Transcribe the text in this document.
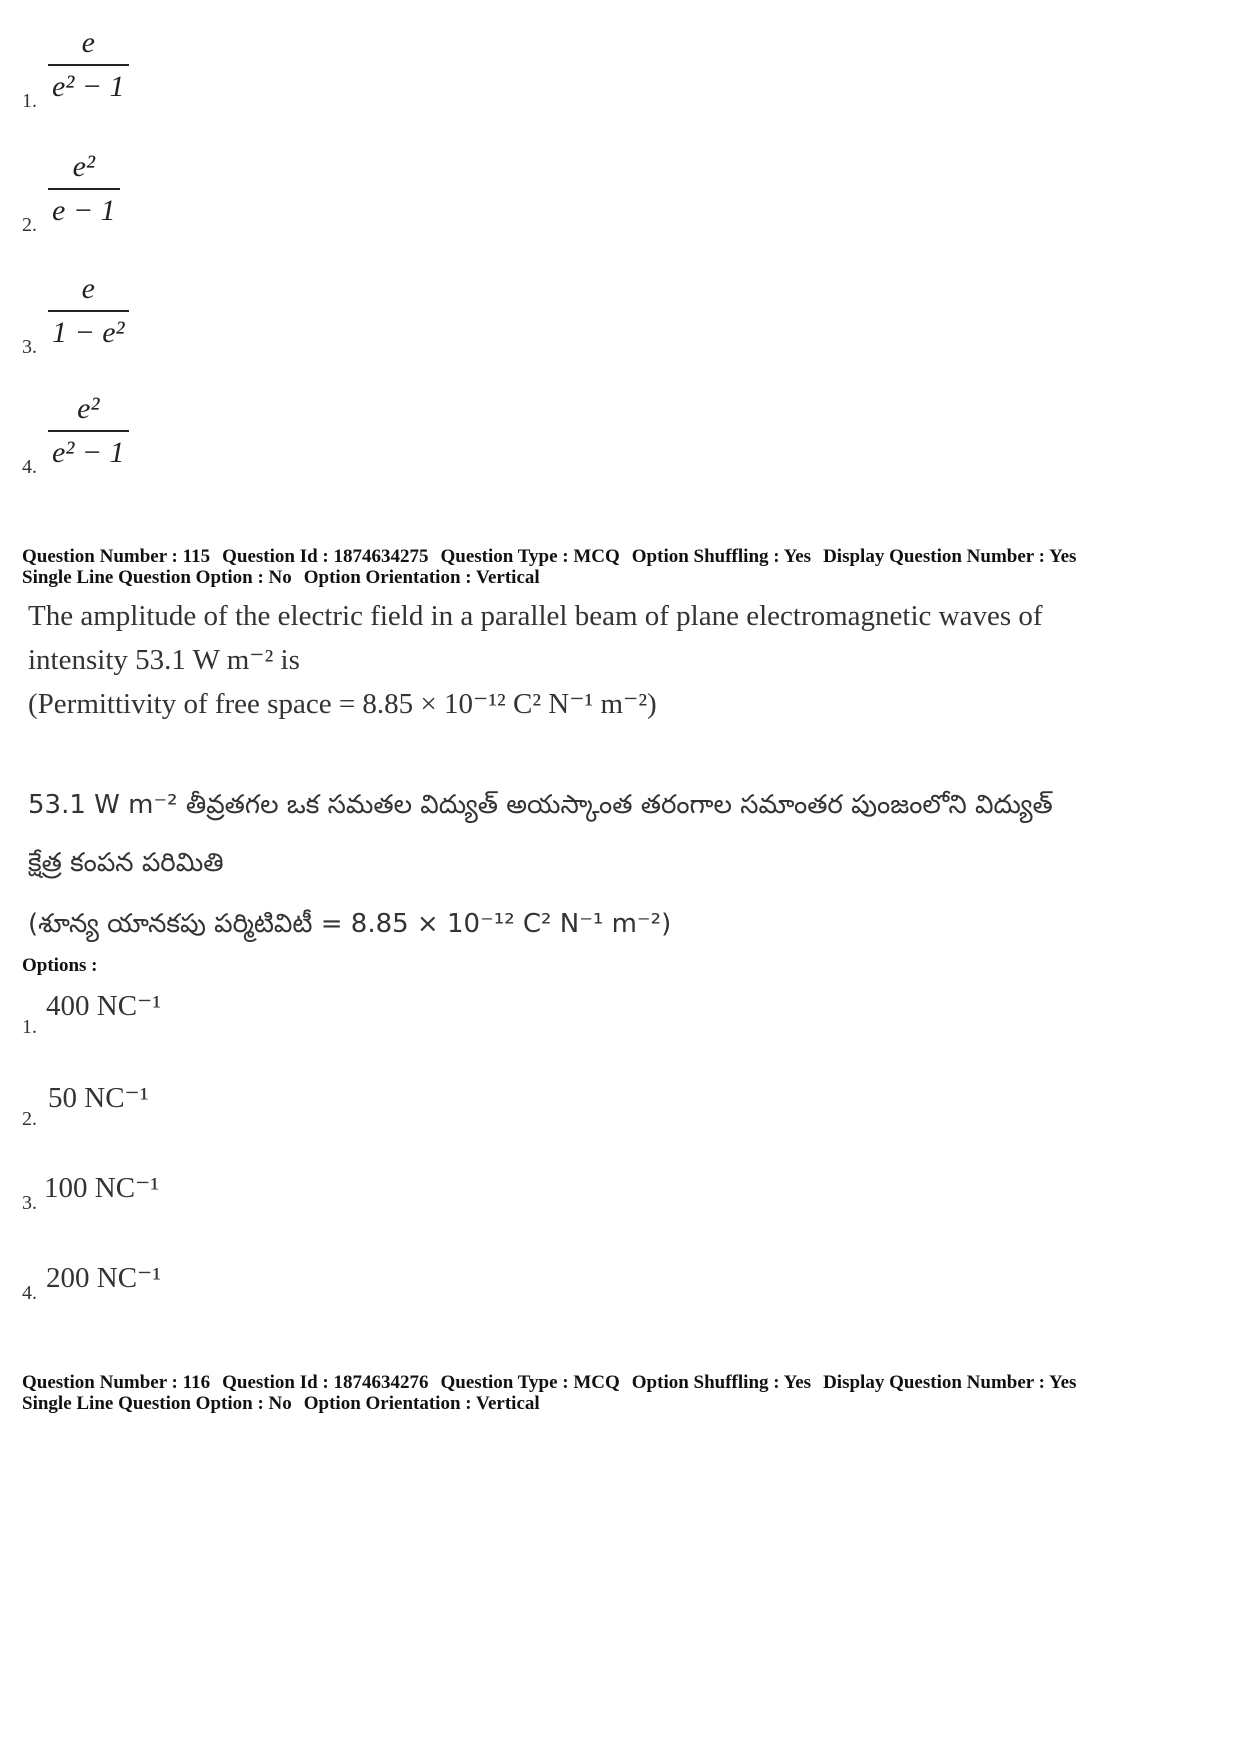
1.
e
e² − 1
2.
e²
e − 1
3.
e
1 − e²
4.
e²
e² − 1
Question Number : 115 Question Id : 1874634275 Question Type : MCQ Option Shuffling : Yes Display Question Number : Yes
Single Line Question Option : No Option Orientation : Vertical
The amplitude of the electric field in a parallel beam of plane electromagnetic waves of
intensity 53.1 W m⁻² is
(Permittivity of free space = 8.85 × 10⁻¹² C² N⁻¹ m⁻²)
53.1 W m⁻² తీవ్రతగల ఒక సమతల విద్యుత్ అయస్కాంత తరంగాల సమాంతర పుంజంలోని విద్యుత్
క్షేత్ర కంపన పరిమితి
(శూన్య యానకపు పర్మిటివిటీ = 8.85 × 10⁻¹² C² N⁻¹ m⁻²)
Options :
1.
400 NC⁻¹
2.
50 NC⁻¹
3. 100 NC⁻¹
4. 200 NC⁻¹
Question Number : 116 Question Id : 1874634276 Question Type : MCQ Option Shuffling : Yes Display Question Number : Yes
Single Line Question Option : No Option Orientation : Vertical
